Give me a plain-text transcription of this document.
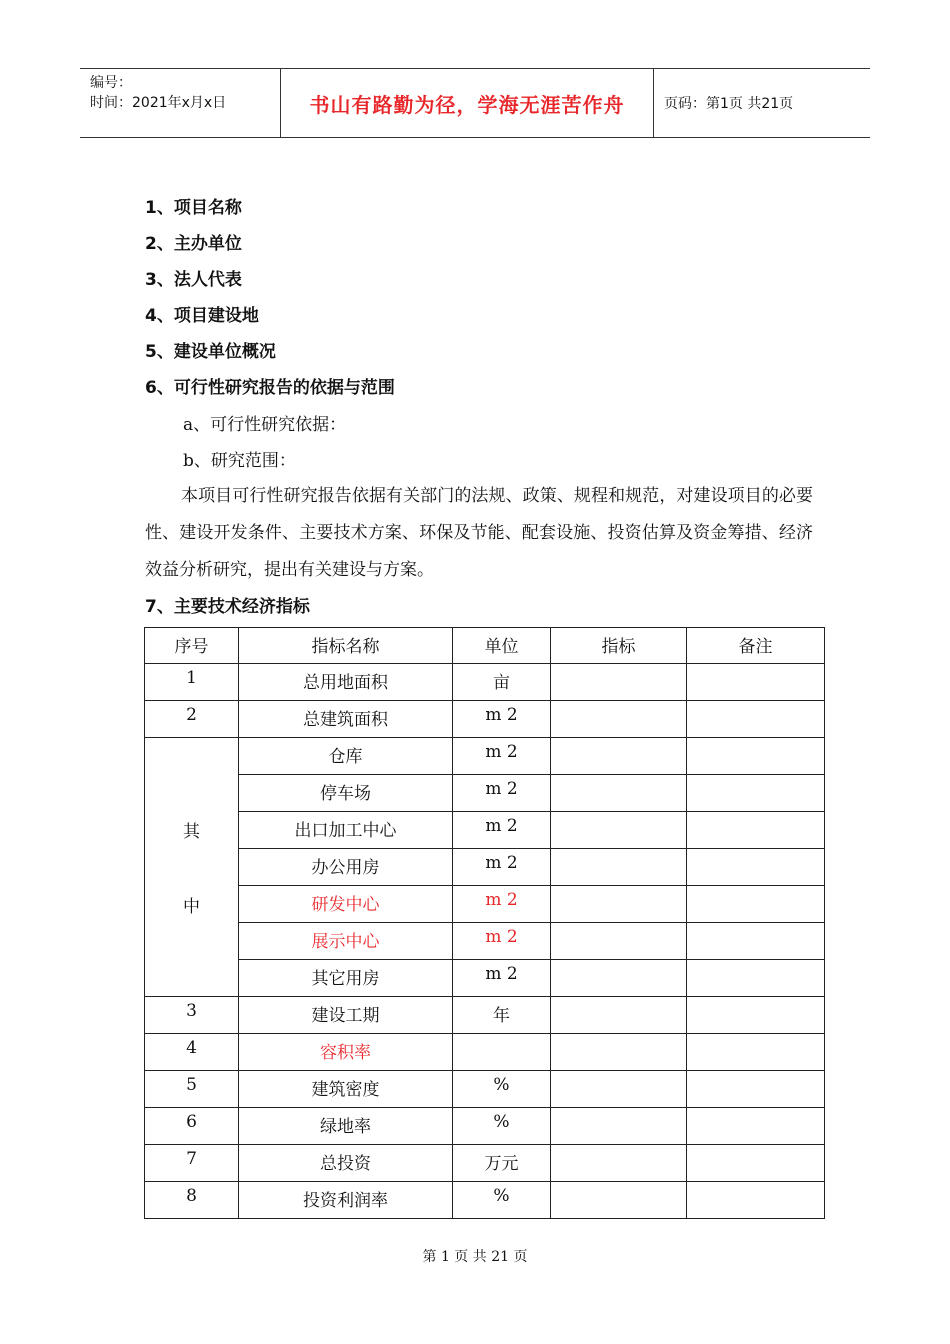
编号：
时间：2021年x月x日	书山有路勤为径，学海无涯苦作舟	页码：第1页 共21页
1、项目名称
2、主办单位
3、法人代表
4、项目建设地
5、建设单位概况
6、可行性研究报告的依据与范围
a、可行性研究依据：
b、研究范围：
本项目可行性研究报告依据有关部门的法规、政策、规程和规范，对建设项目的必要性、建设开发条件、主要技术方案、环保及节能、配套设施、投资估算及资金筹措、经济效益分析研究，提出有关建设与方案。
7、主要技术经济指标
序号	指标名称	单位	指标	备注
1	总用地面积	亩		
2	总建筑面积	m 2		

其
中	仓库	m 2		
	停车场	m 2		
	出口加工中心	m 2		
	办公用房	m 2		
	研发中心	m 2		
	展示中心	m 2		
	其它用房	m 2		
3	建设工期	年		
4	容积率			
5	建筑密度	%		
6	绿地率	%		
7	总投资	万元		
8	投资利润率	%		
第 1 页 共 21 页
